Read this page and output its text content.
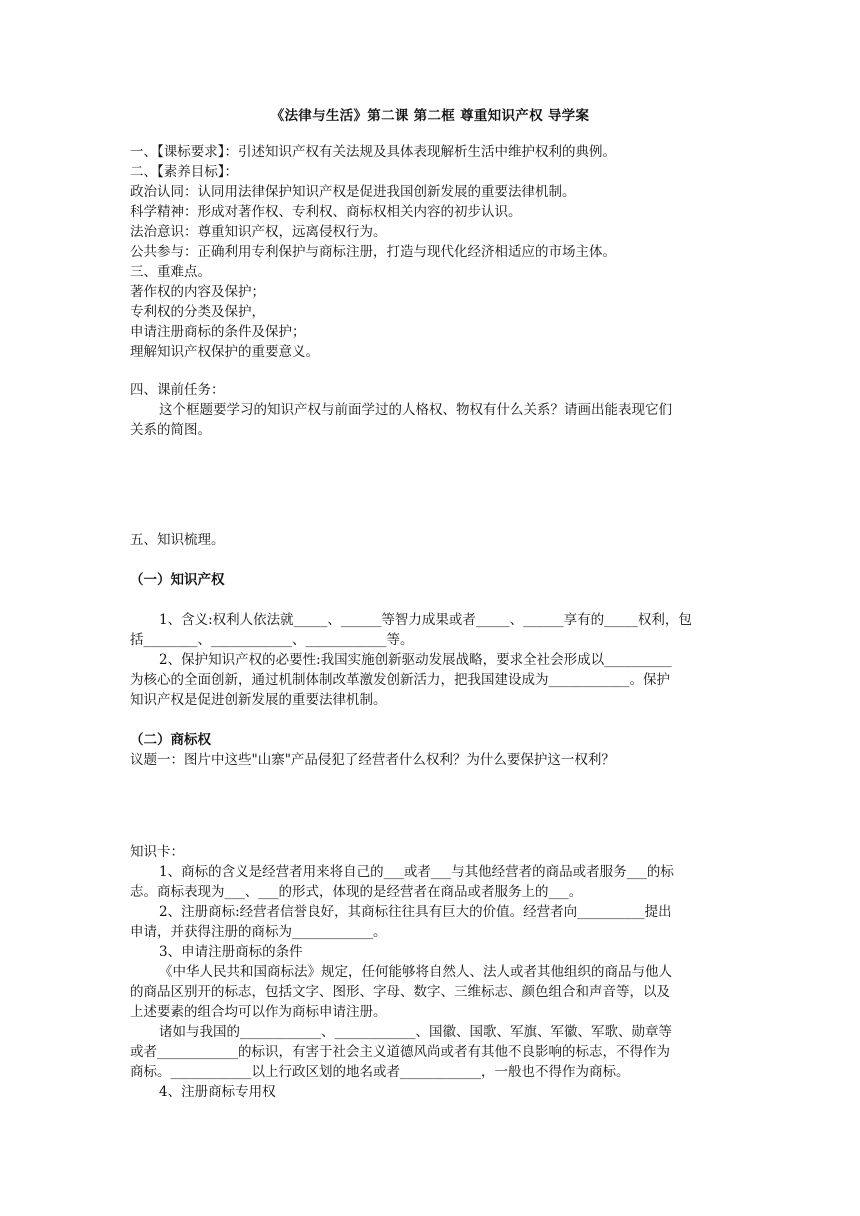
《法律与生活》第二课 第二框 尊重知识产权 导学案
一、【课标要求】：引述知识产权有关法规及具体表现解析生活中维护权利的典例。
二、【素养目标】：
政治认同：认同用法律保护知识产权是促进我国创新发展的重要法律机制。
科学精神：形成对著作权、专利权、商标权相关内容的初步认识。
法治意识：尊重知识产权，远离侵权行为。
公共参与：正确利用专利保护与商标注册，打造与现代化经济相适应的市场主体。
三、重难点。
著作权的内容及保护；
专利权的分类及保护，
申请注册商标的条件及保护；
理解知识产权保护的重要意义。
四、课前任务：
这个框题要学习的知识产权与前面学过的人格权、物权有什么关系？请画出能表现它们
关系的简图。
五、知识梳理。
（一）知识产权
1、含义:权利人依法就_____、______等智力成果或者_____、______享有的_____权利，包
括________、____________、____________等。
2、保护知识产权的必要性:我国实施创新驱动发展战略，要求全社会形成以__________
为核心的全面创新，通过机制体制改革激发创新活力，把我国建设成为____________。保护
知识产权是促进创新发展的重要法律机制。
（二）商标权
议题一：图片中这些"山寨"产品侵犯了经营者什么权利？为什么要保护这一权利？
知识卡：
1、商标的含义是经营者用来将自己的___或者___与其他经营者的商品或者服务___的标
志。商标表现为___、___的形式，体现的是经营者在商品或者服务上的___。
2、注册商标:经营者信誉良好，其商标往往具有巨大的价值。经营者向__________提出
申请，并获得注册的商标为____________。
3、申请注册商标的条件
《中华人民共和国商标法》规定，任何能够将自然人、法人或者其他组织的商品与他人
的商品区别开的标志，包括文字、图形、字母、数字、三维标志、颜色组合和声音等，以及
上述要素的组合均可以作为商标申请注册。
诸如与我国的____________、____________、国徽、国歌、军旗、军徽、军歌、勋章等
或者____________的标识，有害于社会主义道德风尚或者有其他不良影响的标志，不得作为
商标。____________以上行政区划的地名或者____________，一般也不得作为商标。
4、注册商标专用权
